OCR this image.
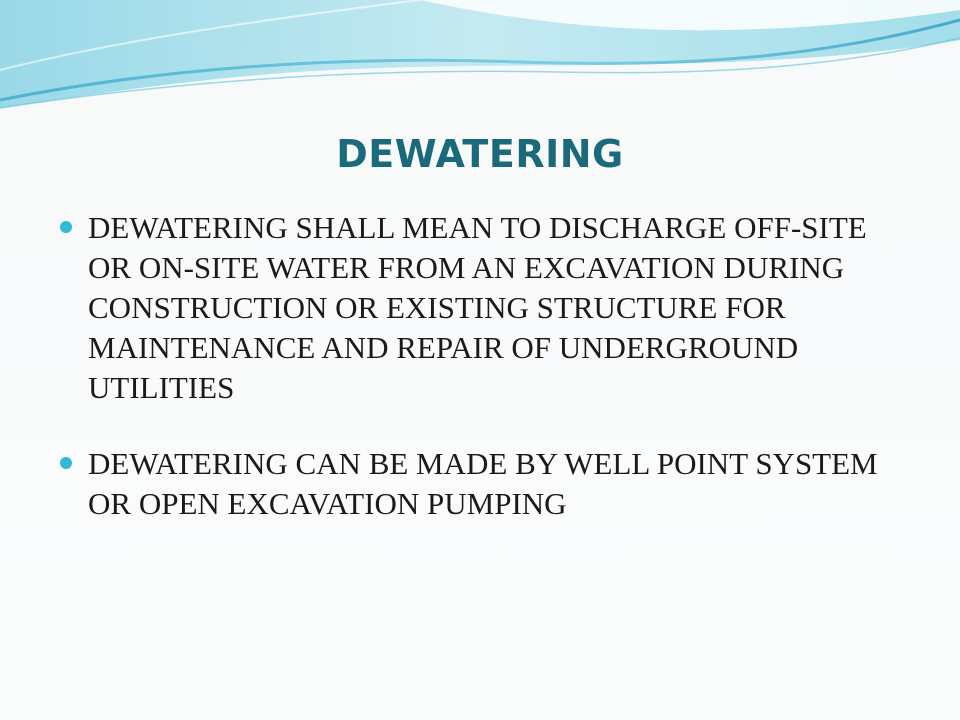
DEWATERING
DEWATERING SHALL MEAN TO DISCHARGE OFF-SITE OR ON-SITE WATER FROM AN EXCAVATION DURING CONSTRUCTION OR EXISTING STRUCTURE FOR MAINTENANCE AND REPAIR OF UNDERGROUND UTILITIES
DEWATERING CAN BE MADE BY WELL POINT SYSTEM OR OPEN EXCAVATION PUMPING
